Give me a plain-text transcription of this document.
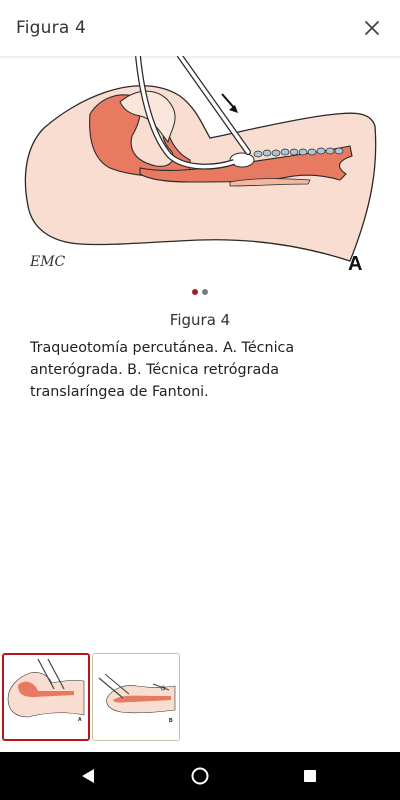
Figura 4
EMC	A
Figura 4
Traqueotomía percutánea. A. Técnica anterógrada. B. Técnica retrógrada translaríngea de Fantoni.
A	B
